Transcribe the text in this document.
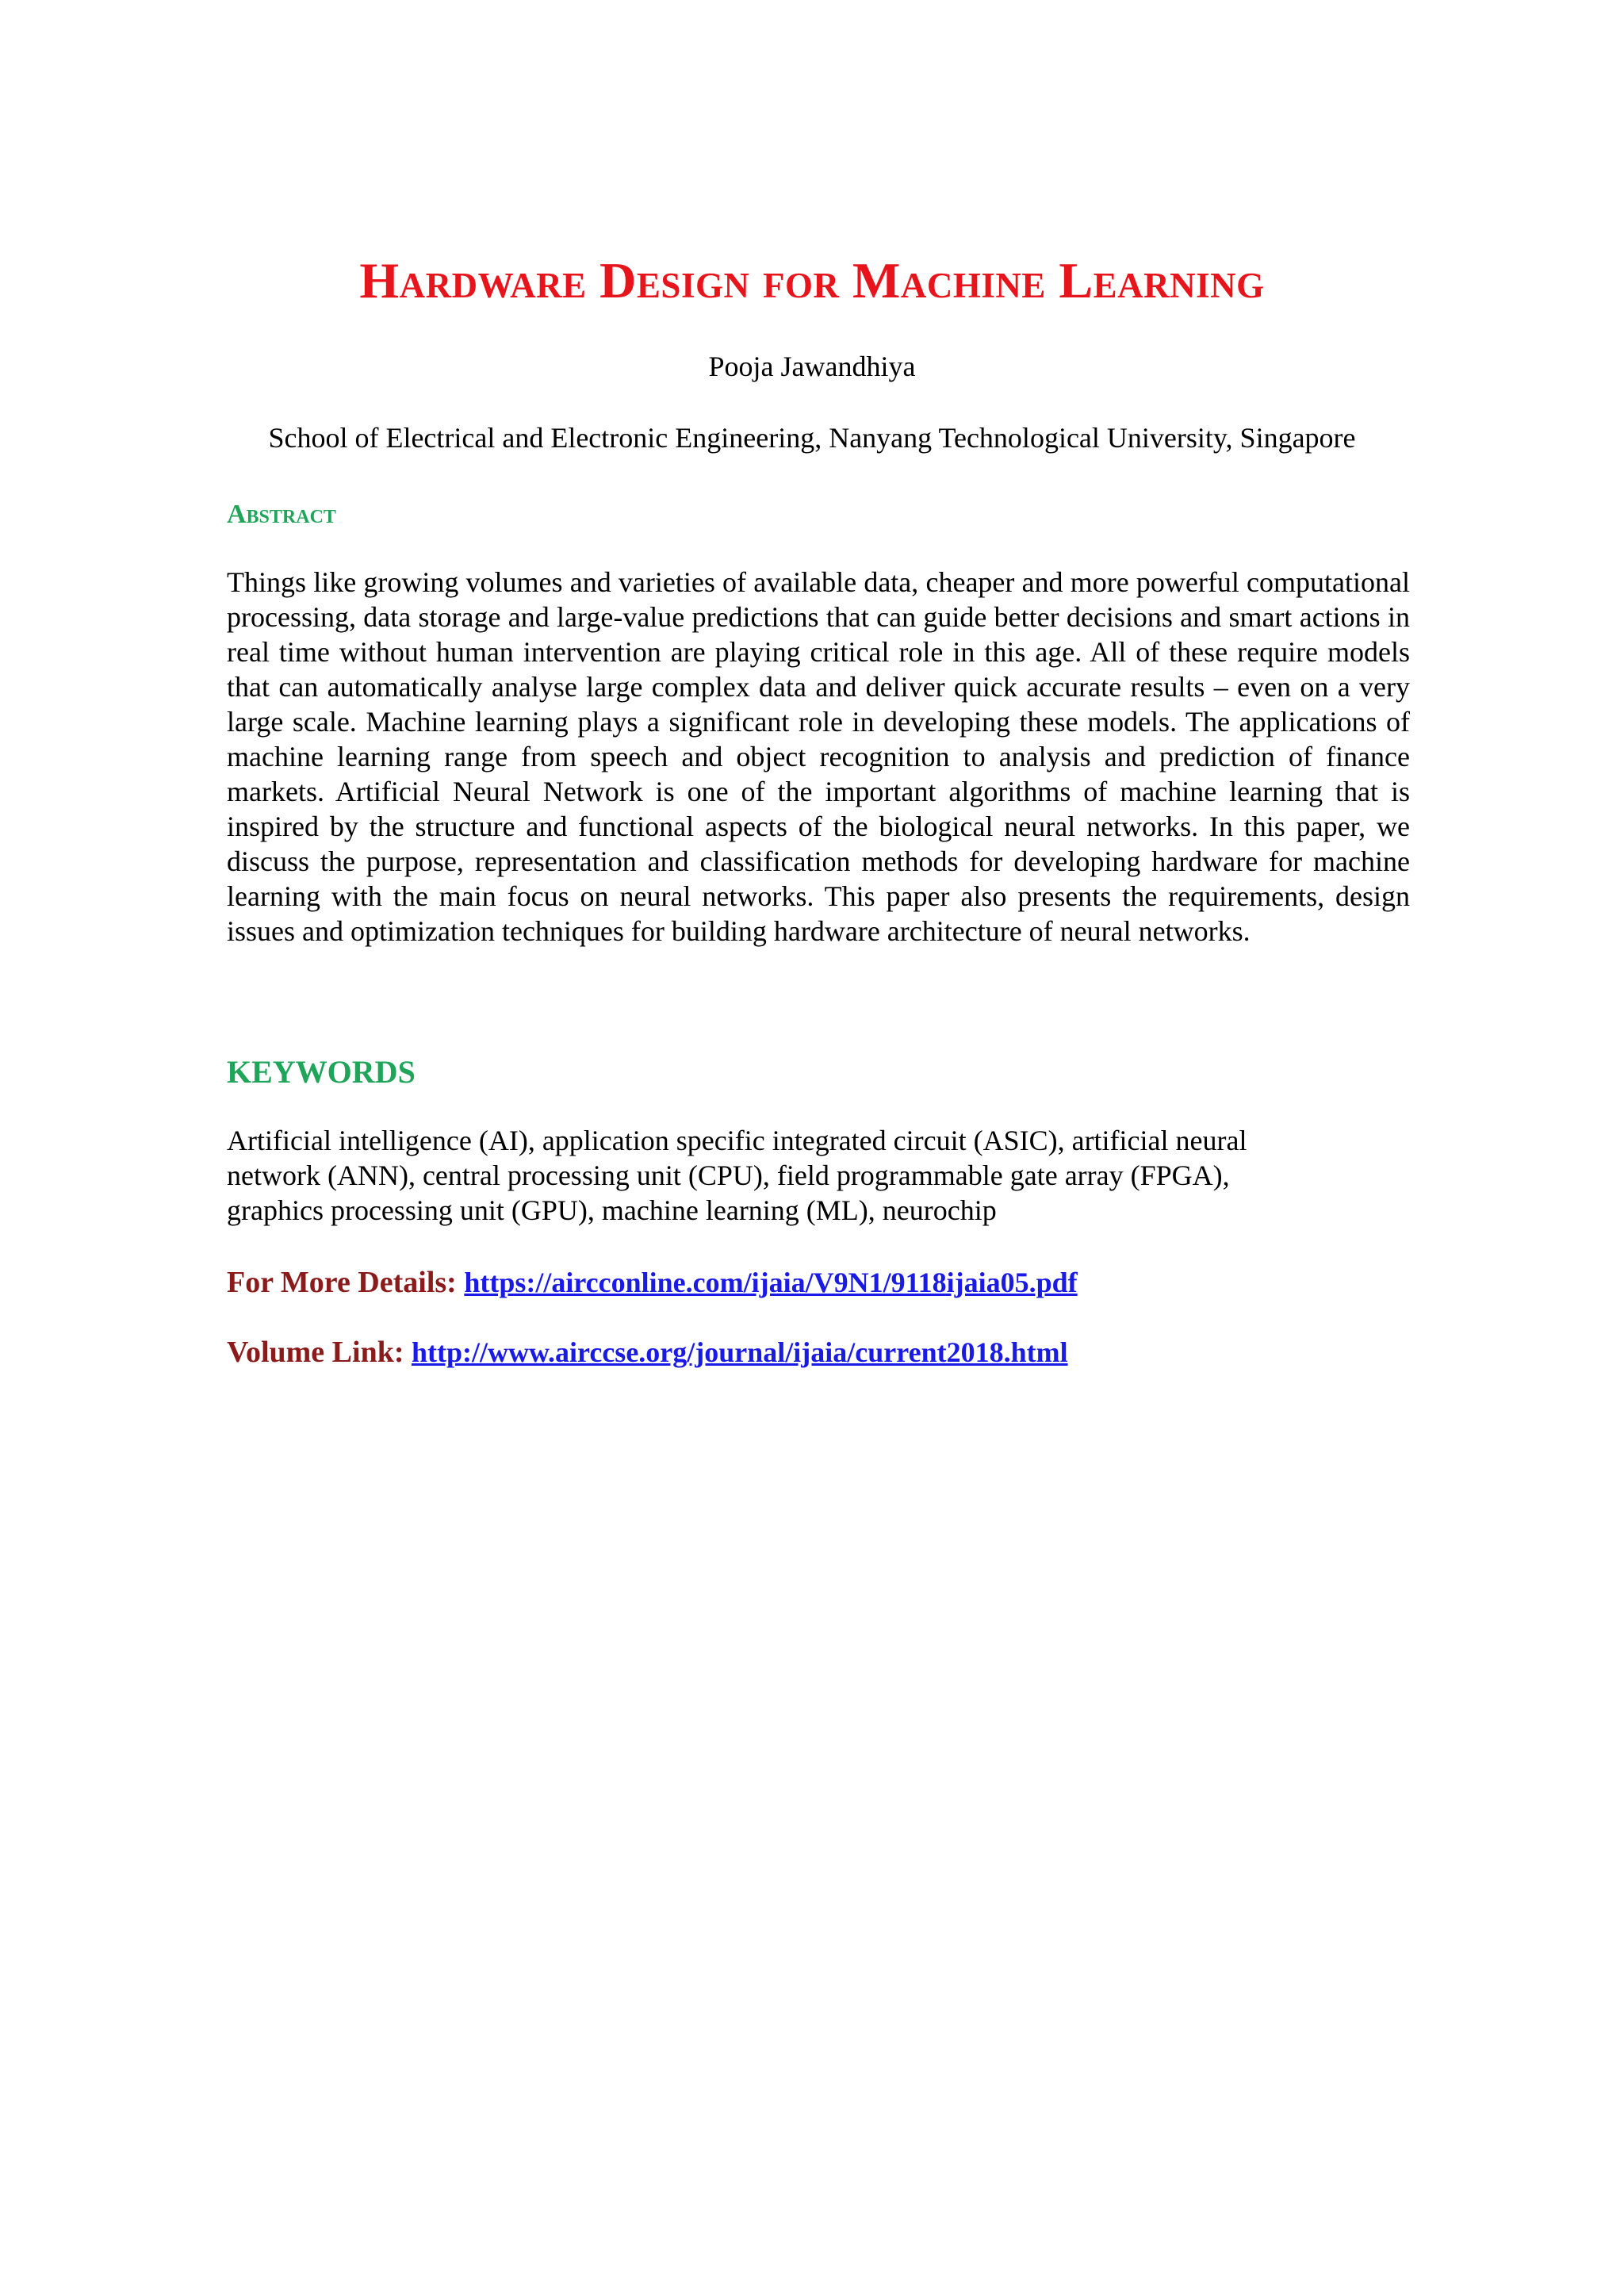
Hardware Design for Machine Learning

Pooja Jawandhiya

School of Electrical and Electronic Engineering, Nanyang Technological University, Singapore

Abstract

Things like growing volumes and varieties of available data, cheaper and more powerful computational processing, data storage and large-value predictions that can guide better decisions and smart actions in real time without human intervention are playing critical role in this age. All of these require models that can automatically analyse large complex data and deliver quick accurate results – even on a very large scale. Machine learning plays a significant role in developing these models. The applications of machine learning range from speech and object recognition to analysis and prediction of finance markets. Artificial Neural Network is one of the important algorithms of machine learning that is inspired by the structure and functional aspects of the biological neural networks. In this paper, we discuss the purpose, representation and classification methods for developing hardware for machine learning with the main focus on neural networks. This paper also presents the requirements, design issues and optimization techniques for building hardware architecture of neural networks.

KEYWORDS
Artificial intelligence (AI), application specific integrated circuit (ASIC), artificial neural
network (ANN), central processing unit (CPU), field programmable gate array (FPGA),
graphics processing unit (GPU), machine learning (ML), neurochip

For More Details: https://aircconline.com/ijaia/V9N1/9118ijaia05.pdf

Volume Link: http://www.airccse.org/journal/ijaia/current2018.html
